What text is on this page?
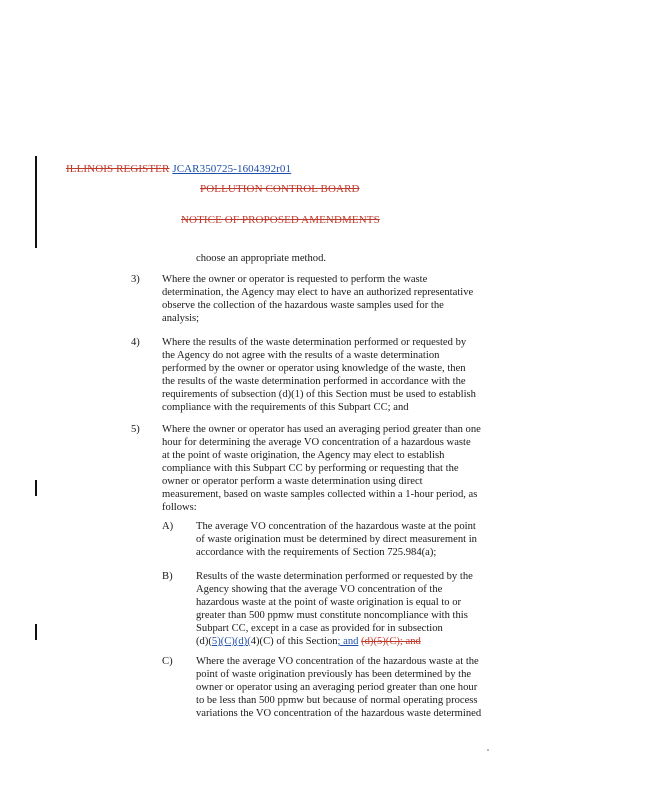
ILLINOIS REGISTER JCAR350725-1604392r01
POLLUTION CONTROL BOARD
NOTICE OF PROPOSED AMENDMENTS
choose an appropriate method.
3) Where the owner or operator is requested to perform the waste
determination, the Agency may elect to have an authorized representative
observe the collection of the hazardous waste samples used for the
analysis;
4) Where the results of the waste determination performed or requested by
the Agency do not agree with the results of a waste determination
performed by the owner or operator using knowledge of the waste, then
the results of the waste determination performed in accordance with the
requirements of subsection (d)(1) of this Section must be used to establish
compliance with the requirements of this Subpart CC; and
5) Where the owner or operator has used an averaging period greater than one
hour for determining the average VO concentration of a hazardous waste
at the point of waste origination, the Agency may elect to establish
compliance with this Subpart CC by performing or requesting that the
owner or operator perform a waste determination using direct
measurement, based on waste samples collected within a 1-hour period, as
follows:
A) The average VO concentration of the hazardous waste at the point
of waste origination must be determined by direct measurement in
accordance with the requirements of Section 725.984(a);
B) Results of the waste determination performed or requested by the
Agency showing that the average VO concentration of the
hazardous waste at the point of waste origination is equal to or
greater than 500 ppmw must constitute noncompliance with this
Subpart CC, except in a case as provided for in subsection
(d)(5)(C)(d)(4)(C) of this Section; and (d)(5)(C); and
C) Where the average VO concentration of the hazardous waste at the
point of waste origination previously has been determined by the
owner or operator using an averaging period greater than one hour
to be less than 500 ppmw but because of normal operating process
variations the VO concentration of the hazardous waste determined
